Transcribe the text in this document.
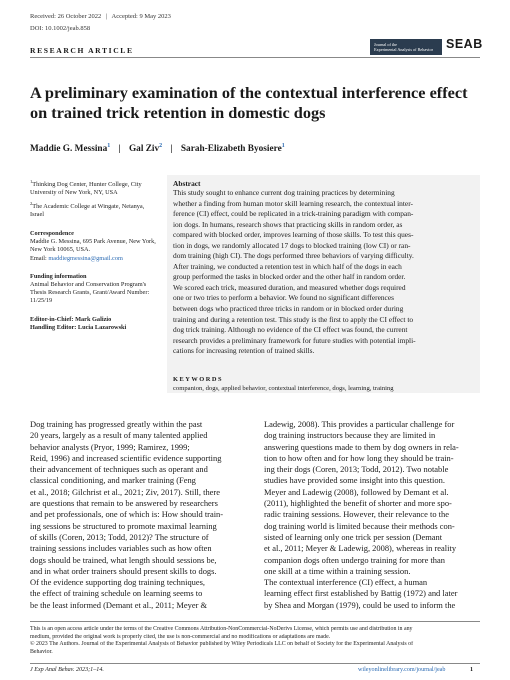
Received: 26 October 2022 | Accepted: 9 May 2023
DOI: 10.1002/jeab.858
RESEARCH ARTICLE
Journal of the
Experimental Analysis of Behavior	SEAB
A preliminary examination of the contextual interference effect
on trained trick retention in domestic dogs
Maddie G. Messina$^1$ | Gal Ziv$^2$ | Sarah-Elizabeth Byosiere$^1$

$^1$Thinking Dog Center, Hunter College, City University of New York, NY, USA

$^2$The Academic College at Wingate, Netanya, Israel

Correspondence

Maddie G. Messina, 695 Park Avenue, New York, New York 10065, USA.

Email: maddiegmessina@gmail.com

Funding information

Animal Behavior and Conservation Program's Thesis Research Grants, Grant/Award Number: 11/25/19

Editor-in-Chief: Mark Galizio

Handling Editor: Lucia Lazarowski

Abstract
This study sought to enhance current dog training practices by determining
whether a finding from human motor skill learning research, the contextual inter-
ference (CI) effect, could be replicated in a trick-training paradigm with compan-
ion dogs. In humans, research shows that practicing skills in random order, as
compared with blocked order, improves learning of those skills. To test this ques-
tion in dogs, we randomly allocated 17 dogs to blocked training (low CI) or ran-
dom training (high CI). The dogs performed three behaviors of varying difficulty.
After training, we conducted a retention test in which half of the dogs in each
group performed the tasks in blocked order and the other half in random order.
We scored each trick, measured duration, and measured whether dogs required
one or two tries to perform a behavior. We found no significant differences
between dogs who practiced three tricks in random or in blocked order during
training and during a retention test. This study is the first to apply the CI effect to
dog trick training. Although no evidence of the CI effect was found, the current
research provides a preliminary framework for future studies with potential impli-
cations for increasing retention of trained skills.
KEYWORDS
companion, dogs, applied behavior, contextual interference, dogs, learning, training
Dog training has progressed greatly within the past
20 years, largely as a result of many talented applied
behavior analysts (Pryor, 1999; Ramirez, 1999;
Reid, 1996) and increased scientific evidence supporting
their advancement of techniques such as operant and
classical conditioning, and marker training (Feng
et al., 2018; Gilchrist et al., 2021; Ziv, 2017). Still, there
are questions that remain to be answered by researchers
and pet professionals, one of which is: How should train-
ing sessions be structured to promote maximal learning
of skills (Coren, 2013; Todd, 2012)? The structure of
training sessions includes variables such as how often
dogs should be trained, what length should sessions be,
and in what order trainers should present skills to dogs.
Of the evidence supporting dog training techniques,
the effect of training schedule on learning seems to
be the least informed (Demant et al., 2011; Meyer &
Ladewig, 2008). This provides a particular challenge for
dog training instructors because they are limited in
answering questions made to them by dog owners in rela-
tion to how often and for how long they should be train-
ing their dogs (Coren, 2013; Todd, 2012). Two notable
studies have provided some insight into this question.
Meyer and Ladewig (2008), followed by Demant et al.
(2011), highlighted the benefit of shorter and more spo-
radic training sessions. However, their relevance to the
dog training world is limited because their methods con-
sisted of learning only one trick per session (Demant
et al., 2011; Meyer & Ladewig, 2008), whereas in reality
companion dogs often undergo training for more than
one skill at a time within a training session.
The contextual interference (CI) effect, a human
learning effect first established by Battig (1972) and later
by Shea and Morgan (1979), could be used to inform the
This is an open access article under the terms of the Creative Commons Attribution-NonCommercial-NoDerivs License, which permits use and distribution in any
medium, provided the original work is properly cited, the use is non-commercial and no modifications or adaptations are made.
© 2023 The Authors. Journal of the Experimental Analysis of Behavior published by Wiley Periodicals LLC on behalf of Society for the Experimental Analysis of
Behavior.
J Exp Anal Behav. 2023;1–14.	wileyonlinelibrary.com/journal/jeab	1
